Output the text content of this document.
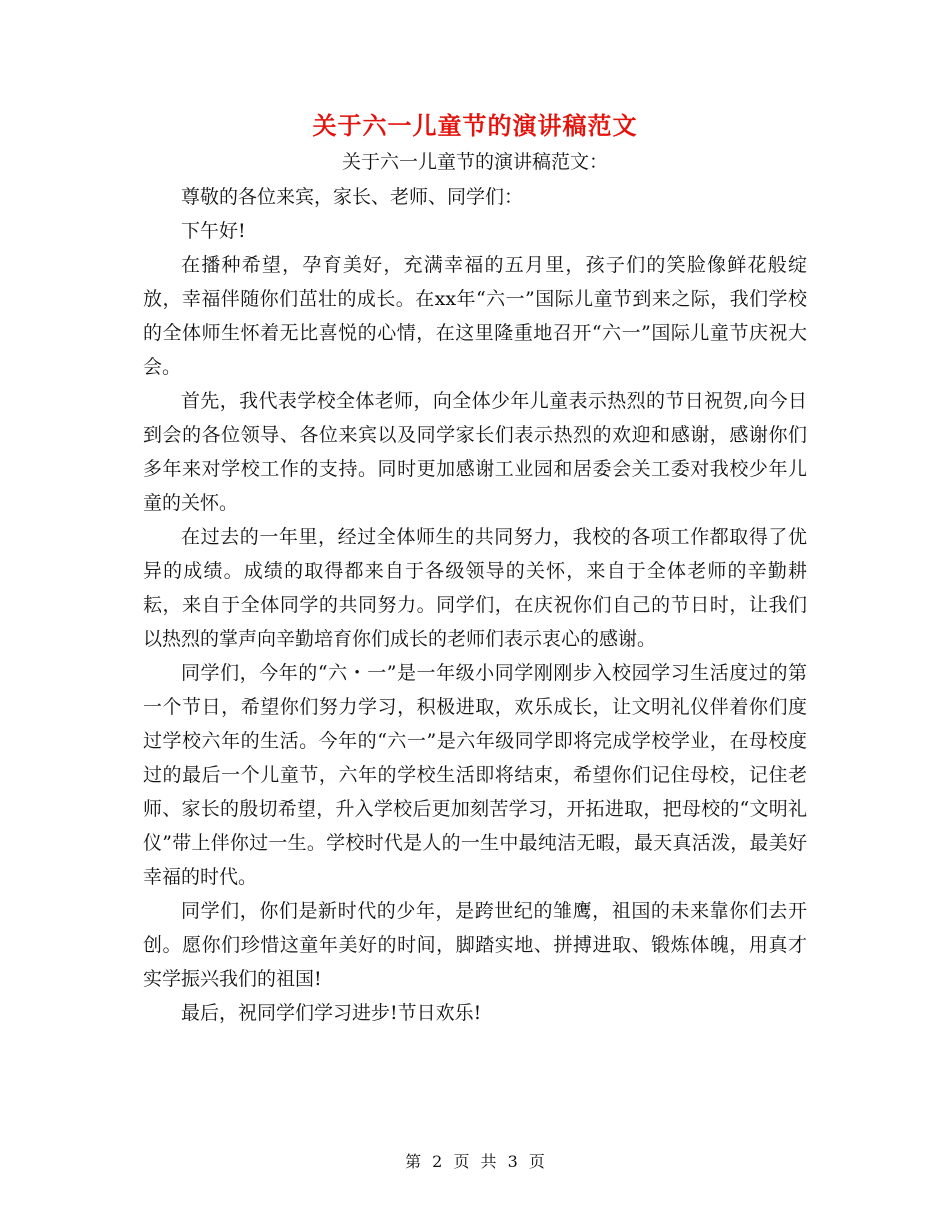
关于六一儿童节的演讲稿范文
关于六一儿童节的演讲稿范文：

尊敬的各位来宾，家长、老师、同学们：

下午好!

在播种希望，孕育美好，充满幸福的五月里，孩子们的笑脸像鲜花般绽放，幸福伴随你们茁壮的成长。在xx年“六一”国际儿童节到来之际，我们学校的全体师生怀着无比喜悦的心情，在这里隆重地召开“六一”国际儿童节庆祝大会。

首先，我代表学校全体老师，向全体少年儿童表示热烈的节日祝贺,向今日到会的各位领导、各位来宾以及同学家长们表示热烈的欢迎和感谢，感谢你们多年来对学校工作的支持。同时更加感谢工业园和居委会关工委对我校少年儿童的关怀。

在过去的一年里，经过全体师生的共同努力，我校的各项工作都取得了优异的成绩。成绩的取得都来自于各级领导的关怀，来自于全体老师的辛勤耕耘，来自于全体同学的共同努力。同学们，在庆祝你们自己的节日时，让我们以热烈的掌声向辛勤培育你们成长的老师们表示衷心的感谢。

同学们，今年的“六・一”是一年级小同学刚刚步入校园学习生活度过的第一个节日，希望你们努力学习，积极进取，欢乐成长，让文明礼仪伴着你们度过学校六年的生活。今年的“六一”是六年级同学即将完成学校学业，在母校度过的最后一个儿童节，六年的学校生活即将结束，希望你们记住母校，记住老师、家长的殷切希望，升入学校后更加刻苦学习，开拓进取，把母校的“文明礼仪”带上伴你过一生。学校时代是人的一生中最纯洁无暇，最天真活泼，最美好幸福的时代。

同学们，你们是新时代的少年，是跨世纪的雏鹰，祖国的未来靠你们去开创。愿你们珍惜这童年美好的时间，脚踏实地、拼搏进取、锻炼体魄，用真才实学振兴我们的祖国!

最后，祝同学们学习进步!节日欢乐!

第 2 页 共 3 页
